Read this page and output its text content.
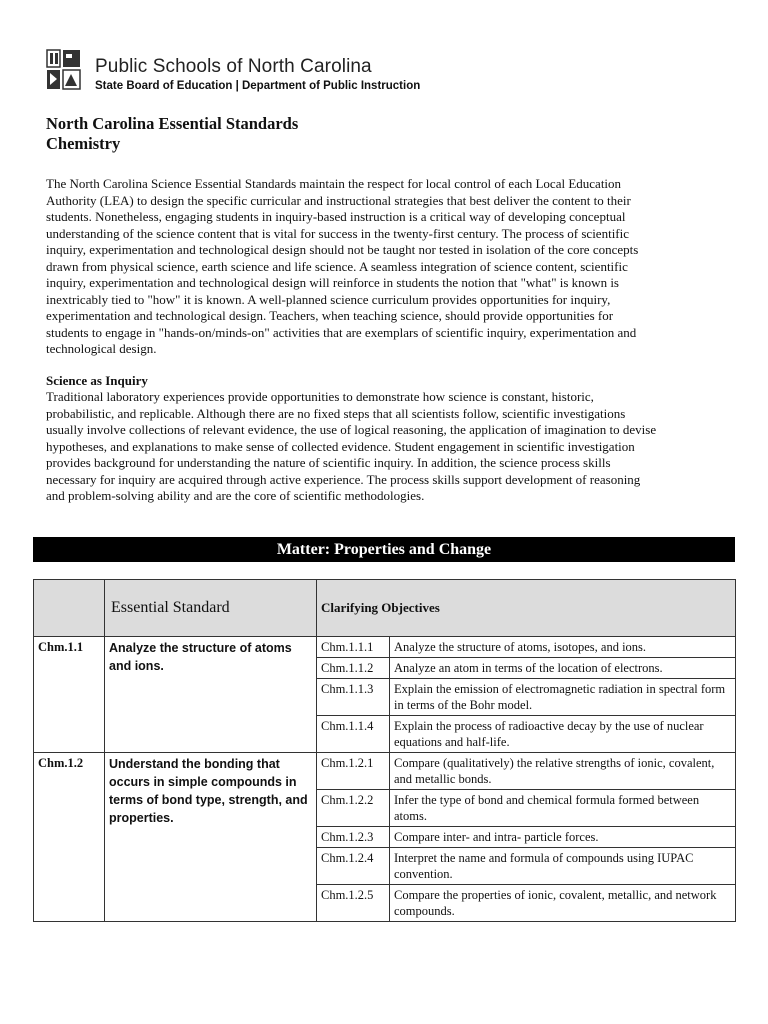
Public Schools of North Carolina
State Board of Education | Department of Public Instruction
North Carolina Essential Standards
Chemistry

The North Carolina Science Essential Standards maintain the respect for local control of each Local Education Authority (LEA) to design the specific curricular and instructional strategies that best deliver the content to their students. Nonetheless, engaging students in inquiry-based instruction is a critical way of developing conceptual understanding of the science content that is vital for success in the twenty-first century. The process of scientific inquiry, experimentation and technological design should not be taught nor tested in isolation of the core concepts drawn from physical science, earth science and life science. A seamless integration of science content, scientific inquiry, experimentation and technological design will reinforce in students the notion that "what" is known is inextricably tied to "how" it is known. A well-planned science curriculum provides opportunities for inquiry, experimentation and technological design. Teachers, when teaching science, should provide opportunities for students to engage in "hands-on/minds-on" activities that are exemplars of scientific inquiry, experimentation and technological design.

Science as Inquiry

Traditional laboratory experiences provide opportunities to demonstrate how science is constant, historic, probabilistic, and replicable. Although there are no fixed steps that all scientists follow, scientific investigations usually involve collections of relevant evidence, the use of logical reasoning, the application of imagination to devise hypotheses, and explanations to make sense of collected evidence. Student engagement in scientific investigation provides background for understanding the nature of scientific inquiry. In addition, the science process skills necessary for inquiry are acquired through active experience. The process skills support development of reasoning and problem-solving ability and are the core of scientific methodologies.

Matter: Properties and Change
	Essential Standard	Clarifying Objectives	
Chm.1.1	Analyze the structure of atoms and ions.	Chm.1.1.1	Analyze the structure of atoms, isotopes, and ions.
		Chm.1.1.2	Analyze an atom in terms of the location of electrons.
		Chm.1.1.3	Explain the emission of electromagnetic radiation in spectral form in terms of the Bohr model.
		Chm.1.1.4	Explain the process of radioactive decay by the use of nuclear equations and half-life.
Chm.1.2	Understand the bonding that occurs in simple compounds in terms of bond type, strength, and properties.	Chm.1.2.1	Compare (qualitatively) the relative strengths of ionic, covalent, and metallic bonds.
		Chm.1.2.2	Infer the type of bond and chemical formula formed between atoms.
		Chm.1.2.3	Compare inter- and intra- particle forces.
		Chm.1.2.4	Interpret the name and formula of compounds using IUPAC convention.
		Chm.1.2.5	Compare the properties of ionic, covalent, metallic, and network compounds.
